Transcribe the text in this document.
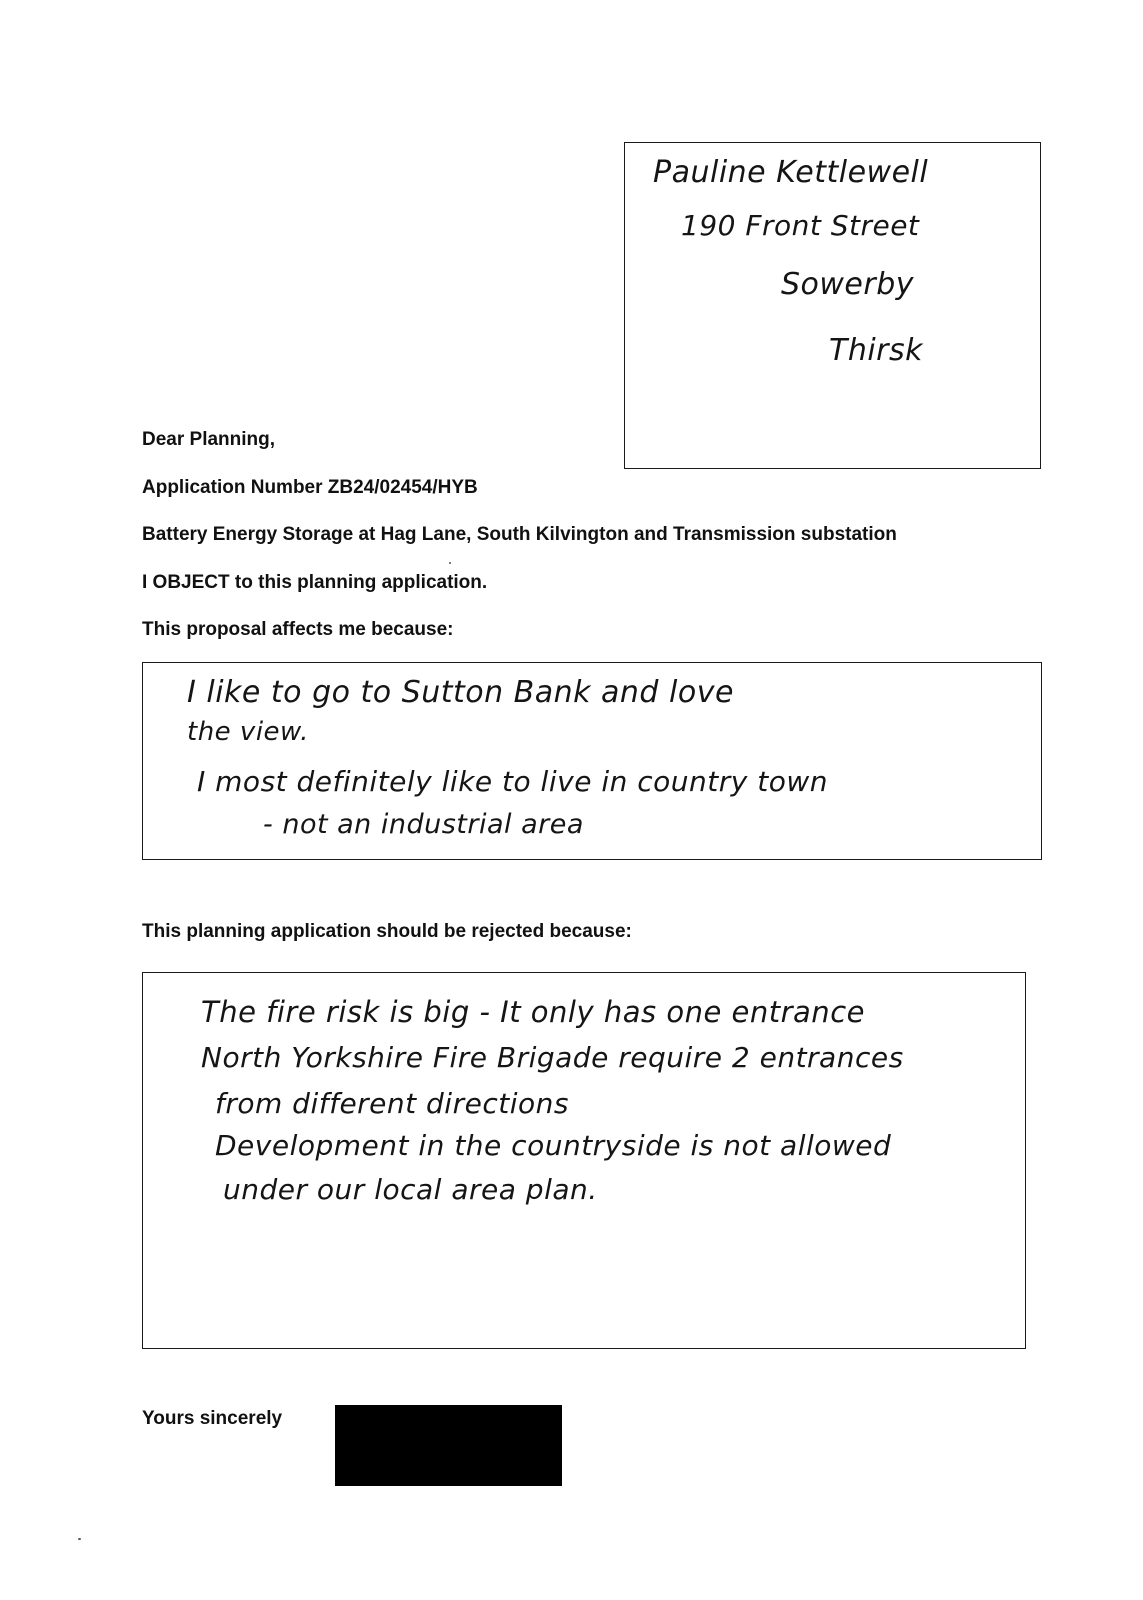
Pauline Kettlewell
190 Front Street
Sowerby
Thirsk

Dear Planning,

Application Number ZB24/02454/HYB

Battery Energy Storage at Hag Lane, South Kilvington and Transmission substation

I OBJECT to this planning application.

This proposal affects me because:

I like to go to Sutton Bank and love
the view.
I most definitely like to live in country town
- not an industrial area

This planning application should be rejected because:

The fire risk is big - It only has one entrance
North Yorkshire Fire Brigade require 2 entrances
from different directions
Development in the countryside is not allowed
under our local area plan.

Yours sincerely
